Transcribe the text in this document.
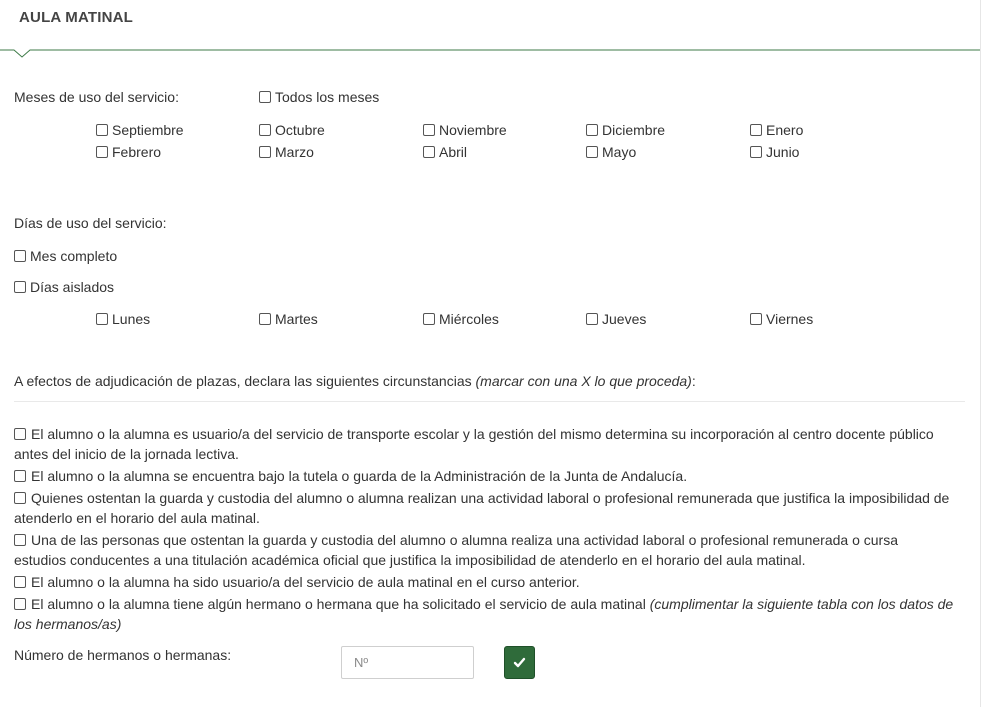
AULA MATINAL
Meses de uso del servicio:	Todos los meses
Septiembre	Octubre	Noviembre	Diciembre	Enero
Febrero	Marzo	Abril	Mayo	Junio
Días de uso del servicio:
Mes completo
Días aislados
Lunes	Martes	Miércoles	Jueves	Viernes
A efectos de adjudicación de plazas, declara las siguientes circunstancias (marcar con una X lo que proceda):
El alumno o la alumna es usuario/a del servicio de transporte escolar y la gestión del mismo determina su incorporación al centro docente público antes del inicio de la jornada lectiva.
El alumno o la alumna se encuentra bajo la tutela o guarda de la Administración de la Junta de Andalucía.
Quienes ostentan la guarda y custodia del alumno o alumna realizan una actividad laboral o profesional remunerada que justifica la imposibilidad de atenderlo en el horario del aula matinal.
Una de las personas que ostentan la guarda y custodia del alumno o alumna realiza una actividad laboral o profesional remunerada o cursa estudios conducentes a una titulación académica oficial que justifica la imposibilidad de atenderlo en el horario del aula matinal.
El alumno o la alumna ha sido usuario/a del servicio de aula matinal en el curso anterior.
El alumno o la alumna tiene algún hermano o hermana que ha solicitado el servicio de aula matinal (cumplimentar la siguiente tabla con los datos de los hermanos/as)
Número de hermanos o hermanas:
Nº
